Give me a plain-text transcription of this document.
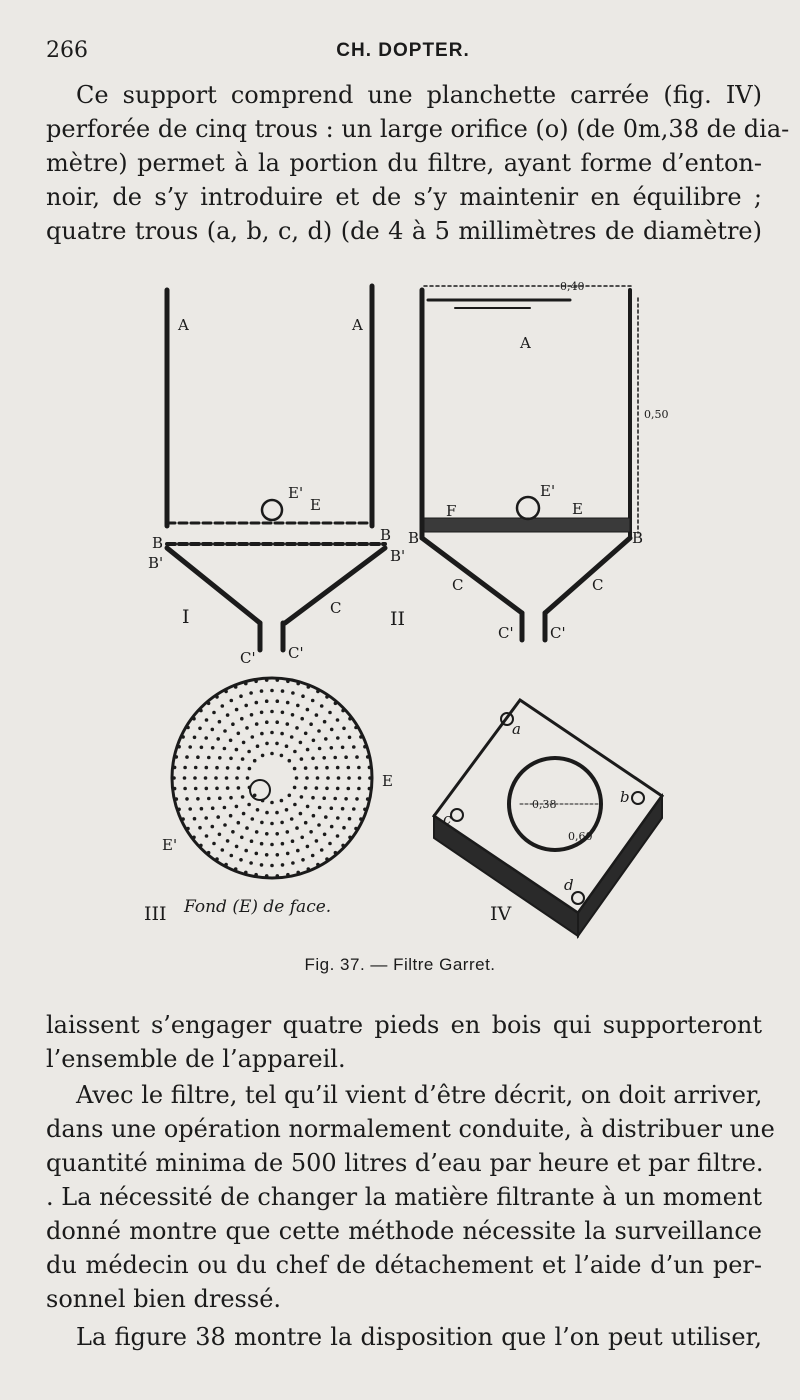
266	CH. DOPTER.
Ce support comprend une planchette carrée (fig. IV)
perforée de cinq trous : un large orifice (o) (de 0m,38 de dia-
mètre) permet à la portion du filtre, ayant forme d’enton-
noir, de s’y introduire et de s’y maintenir en équilibre ;
quatre trous (a, b, c, d) (de 4 à 5 millimètres de diamètre)
A	A
A
0,40
0,50
B	B
B'	B'
B	B
E'
E
E'
E
F
C
C' C'
C	C
C' C'
I	II
III	IV
Fond (E) de face.
E
E'
a
b
c
d
0,38
0,60
Fig. 37. — Filtre Garret.
laissent s’engager quatre pieds en bois qui supporteront
l’ensemble de l’appareil.
Avec le filtre, tel qu’il vient d’être décrit, on doit arriver,
dans une opération normalement conduite, à distribuer une
quantité minima de 500 litres d’eau par heure et par filtre.
. La nécessité de changer la matière filtrante à un moment
donné montre que cette méthode nécessite la surveillance
du médecin ou du chef de détachement et l’aide d’un per-
sonnel bien dressé.
La figure 38 montre la disposition que l’on peut utiliser,
